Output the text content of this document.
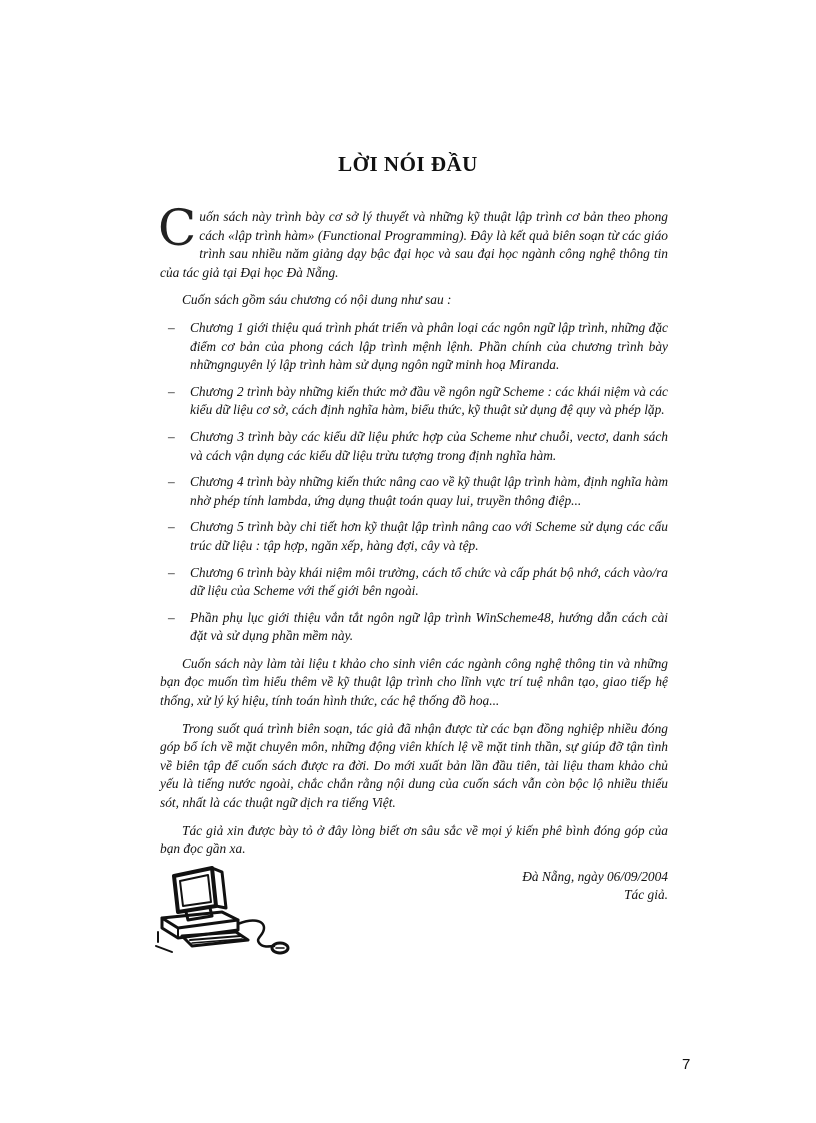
LỜI NÓI ĐẦU

Cuốn sách này trình bày cơ sở lý thuyết và những kỹ thuật lập trình cơ bản theo phong cách «lập trình hàm» (Functional Programming). Đây là kết quả biên soạn từ các giáo trình sau nhiều năm giảng dạy bậc đại học và sau đại học ngành công nghệ thông tin của tác giả tại Đại học Đà Nẵng.

Cuốn sách gồm sáu chương có nội dung như sau :

– Chương 1 giới thiệu quá trình phát triển và phân loại các ngôn ngữ lập trình, những đặc điểm cơ bản của phong cách lập trình mệnh lệnh. Phần chính của chương trình bày nhữngnguyên lý lập trình hàm sử dụng ngôn ngữ minh hoạ Miranda.
– Chương 2 trình bày những kiến thức mở đầu về ngôn ngữ Scheme : các khái niệm và các kiểu dữ liệu cơ sở, cách định nghĩa hàm, biểu thức, kỹ thuật sử dụng đệ quy và phép lặp.
– Chương 3 trình bày các kiểu dữ liệu phức hợp của Scheme như chuỗi, vectơ, danh sách và cách vận dụng các kiểu dữ liệu trừu tượng trong định nghĩa hàm.
– Chương 4 trình bày những kiến thức nâng cao về kỹ thuật lập trình hàm, định nghĩa hàm nhờ phép tính lambda, ứng dụng thuật toán quay lui, truyền thông điệp...
– Chương 5 trình bày chi tiết hơn kỹ thuật lập trình nâng cao với Scheme sử dụng các cấu trúc dữ liệu : tập hợp, ngăn xếp, hàng đợi, cây và tệp.
– Chương 6 trình bày khái niệm môi trường, cách tổ chức và cấp phát bộ nhớ, cách vào/ra dữ liệu của Scheme với thế giới bên ngoài.
– Phần phụ lục giới thiệu vắn tắt ngôn ngữ lập trình WinScheme48, hướng dẫn cách cài đặt và sử dụng phần mềm này.

Cuốn sách này làm tài liệu t khảo cho sinh viên các ngành công nghệ thông tin và những bạn đọc muốn tìm hiểu thêm về kỹ thuật lập trình cho lĩnh vực trí tuệ nhân tạo, giao tiếp hệ thống, xử lý ký hiệu, tính toán hình thức, các hệ thống đồ hoạ...

Trong suốt quá trình biên soạn, tác giả đã nhận được từ các bạn đồng nghiệp nhiều đóng góp bổ ích về mặt chuyên môn, những động viên khích lệ về mặt tinh thần, sự giúp đỡ tận tình về biên tập để cuốn sách được ra đời. Do mới xuất bản lần đầu tiên, tài liệu tham khảo chủ yếu là tiếng nước ngoài, chắc chắn rằng nội dung của cuốn sách vẫn còn bộc lộ nhiều thiếu sót, nhất là các thuật ngữ dịch ra tiếng Việt.

Tác giả xin được bày tỏ ở đây lòng biết ơn sâu sắc về mọi ý kiến phê bình đóng góp của bạn đọc gần xa.

Đà Nẵng, ngày 06/09/2004
Tác giả.
7
